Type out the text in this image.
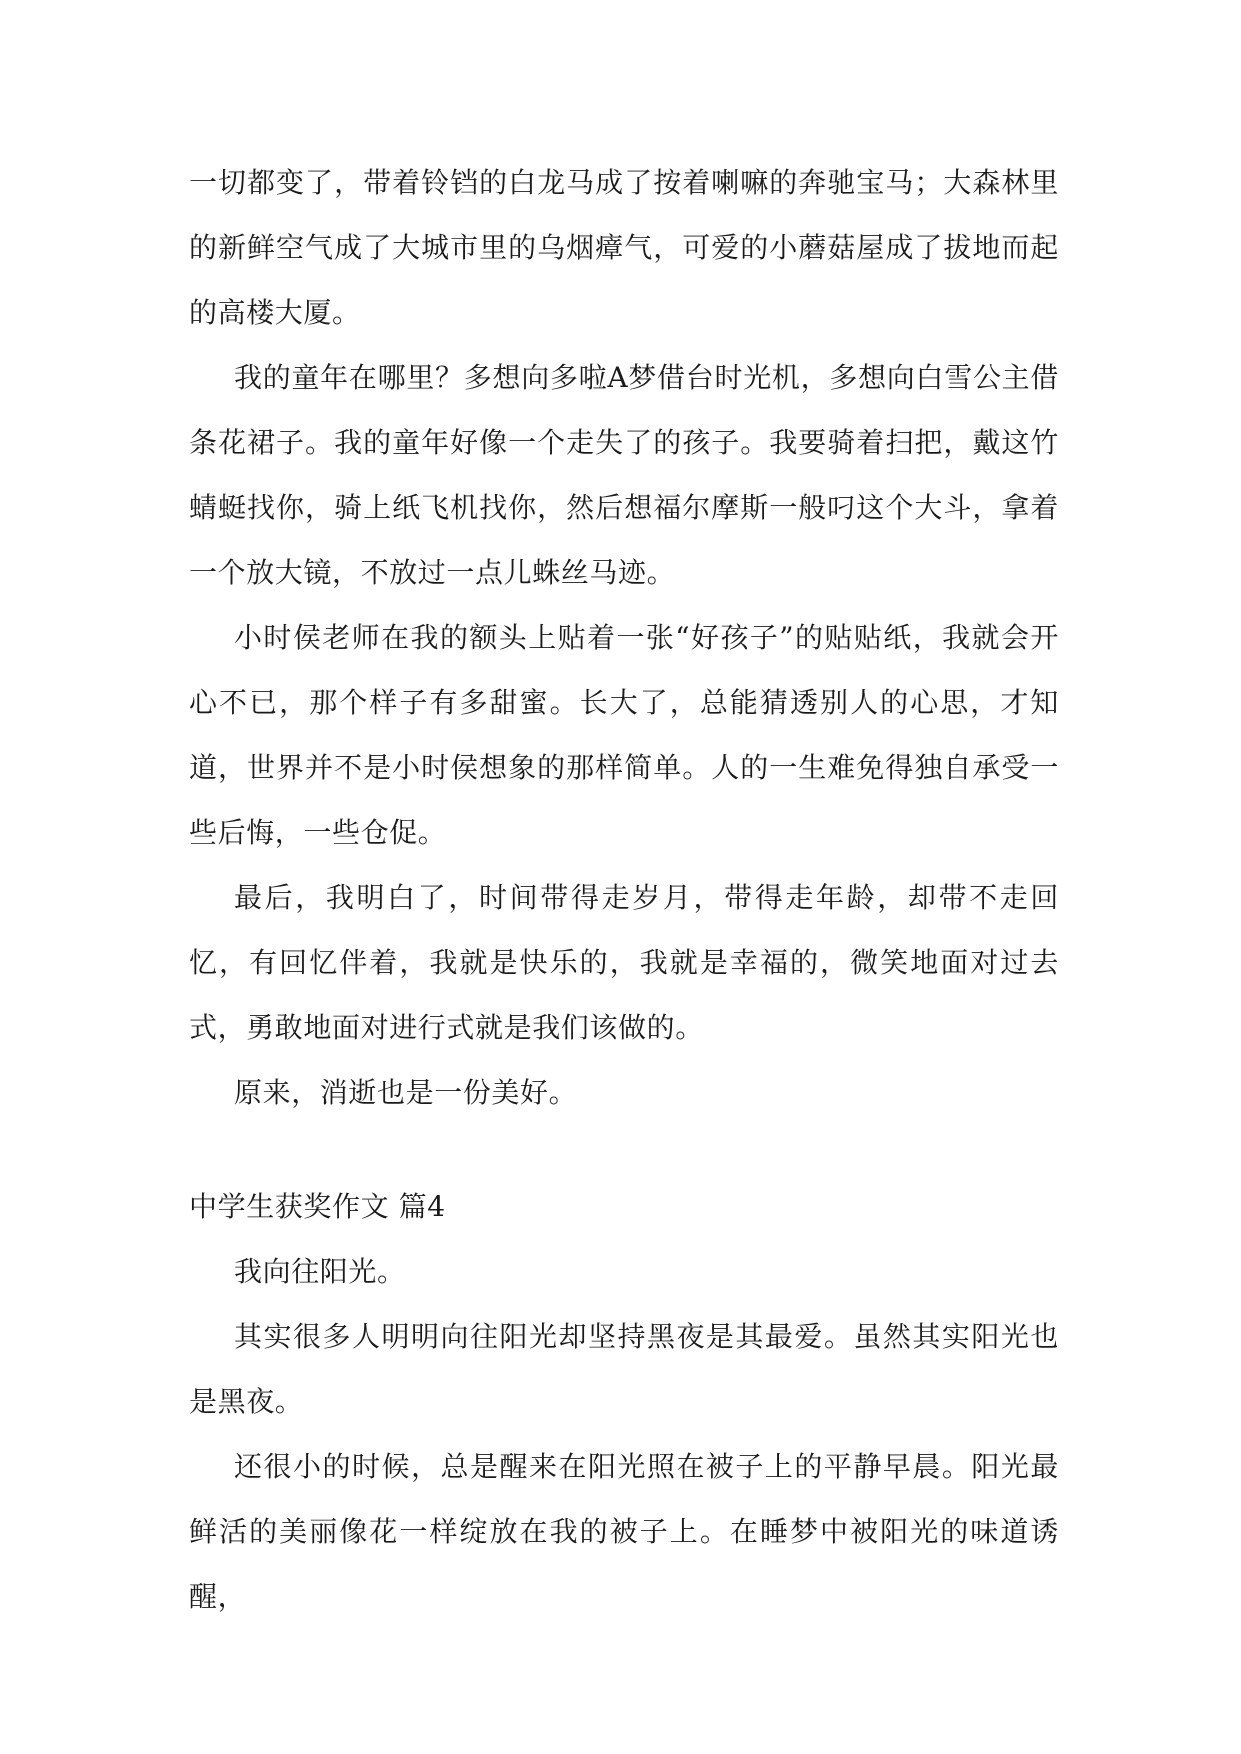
一切都变了，带着铃铛的白龙马成了按着喇嘛的奔驰宝马；大森林里的新鲜空气成了大城市里的乌烟瘴气，可爱的小蘑菇屋成了拔地而起的高楼大厦。

我的童年在哪里？多想向多啦A梦借台时光机，多想向白雪公主借条花裙子。我的童年好像一个走失了的孩子。我要骑着扫把，戴这竹蜻蜓找你，骑上纸飞机找你，然后想福尔摩斯一般叼这个大斗，拿着一个放大镜，不放过一点儿蛛丝马迹。

小时侯老师在我的额头上贴着一张“好孩子”的贴贴纸，我就会开心不已，那个样子有多甜蜜。长大了，总能猜透别人的心思，才知道，世界并不是小时侯想象的那样简单。人的一生难免得独自承受一些后悔，一些仓促。

最后，我明白了，时间带得走岁月，带得走年龄，却带不走回忆，有回忆伴着，我就是快乐的，我就是幸福的，微笑地面对过去式，勇敢地面对进行式就是我们该做的。

原来，消逝也是一份美好。

中学生获奖作文 篇4

我向往阳光。

其实很多人明明向往阳光却坚持黑夜是其最爱。虽然其实阳光也是黑夜。

还很小的时候，总是醒来在阳光照在被子上的平静早晨。阳光最鲜活的美丽像花一样绽放在我的被子上。在睡梦中被阳光的味道诱醒，
